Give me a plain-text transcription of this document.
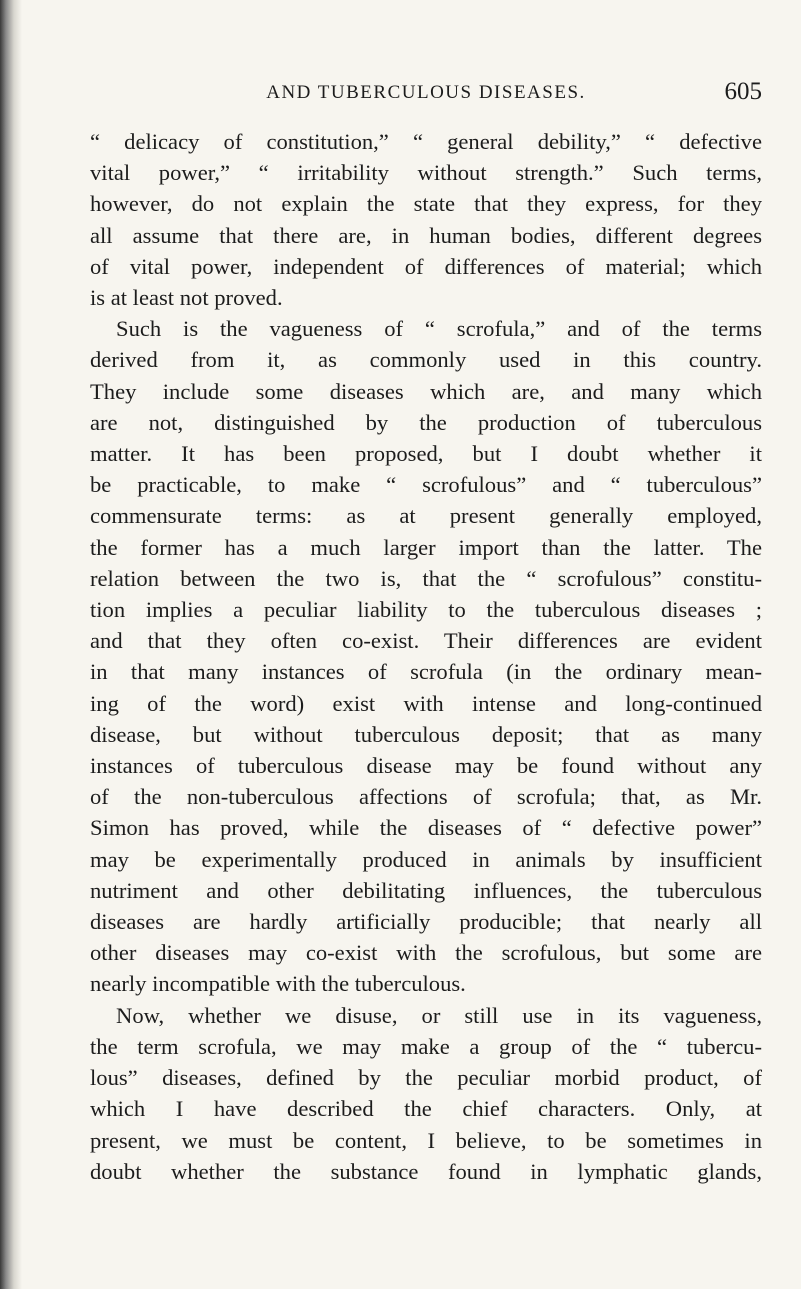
AND TUBERCULOUS DISEASES.	605

“ delicacy of constitution,” “ general debility,” “ defective
vital power,” “ irritability without strength.” Such terms,
however, do not explain the state that they express, for they
all assume that there are, in human bodies, different degrees
of vital power, independent of differences of material; which
is at least not proved.

Such is the vagueness of “ scrofula,” and of the terms
derived from it, as commonly used in this country.
They include some diseases which are, and many which
are not, distinguished by the production of tuberculous
matter. It has been proposed, but I doubt whether it
be practicable, to make “ scrofulous” and “ tuberculous”
commensurate terms: as at present generally employed,
the former has a much larger import than the latter. The
relation between the two is, that the “ scrofulous” constitu-
tion implies a peculiar liability to the tuberculous diseases ;
and that they often co-exist. Their differences are evident
in that many instances of scrofula (in the ordinary mean-
ing of the word) exist with intense and long-continued
disease, but without tuberculous deposit; that as many
instances of tuberculous disease may be found without any
of the non-tuberculous affections of scrofula; that, as Mr.
Simon has proved, while the diseases of “ defective power”
may be experimentally produced in animals by insufficient
nutriment and other debilitating influences, the tuberculous
diseases are hardly artificially producible; that nearly all
other diseases may co-exist with the scrofulous, but some are
nearly incompatible with the tuberculous.

Now, whether we disuse, or still use in its vagueness,
the term scrofula, we may make a group of the “ tubercu-
lous” diseases, defined by the peculiar morbid product, of
which I have described the chief characters. Only, at
present, we must be content, I believe, to be sometimes in
doubt whether the substance found in lymphatic glands,
